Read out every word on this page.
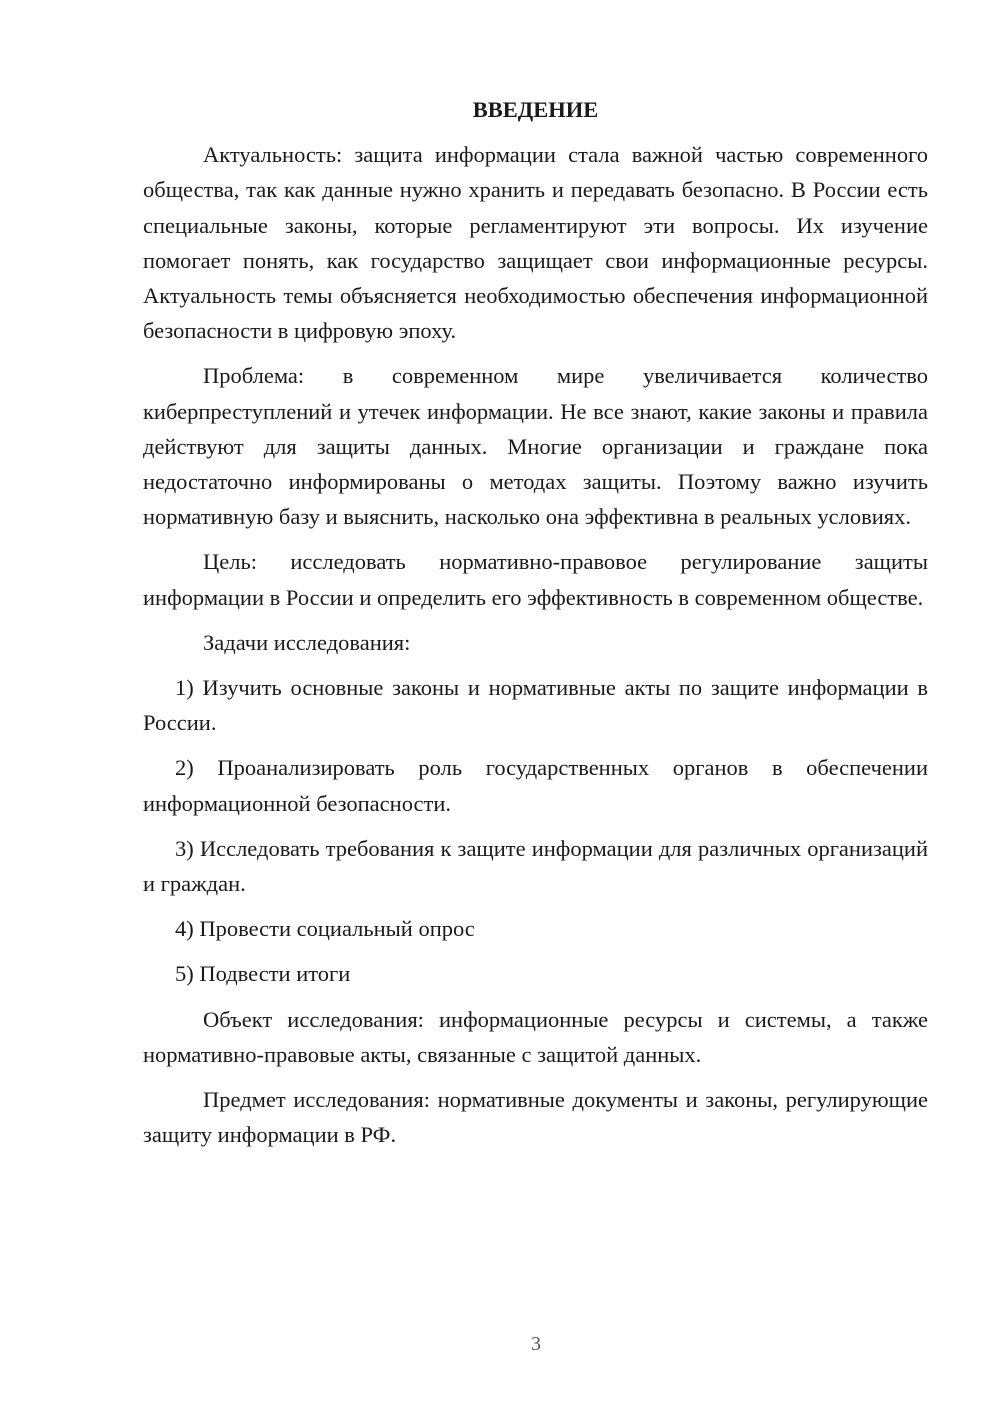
ВВЕДЕНИЕ

Актуальность: защита информации стала важной частью современного общества, так как данные нужно хранить и передавать безопасно. В России есть специальные законы, которые регламентируют эти вопросы. Их изучение помогает понять, как государство защищает свои информационные ресурсы. Актуальность темы объясняется необходимостью обеспечения информационной безопасности в цифровую эпоху.

Проблема: в современном мире увеличивается количество киберпреступлений и утечек информации. Не все знают, какие законы и правила действуют для защиты данных. Многие организации и граждане пока недостаточно информированы о методах защиты. Поэтому важно изучить нормативную базу и выяснить, насколько она эффективна в реальных условиях.

Цель: исследовать нормативно-правовое регулирование защиты информации в России и определить его эффективность в современном обществе.

Задачи исследования:

1) Изучить основные законы и нормативные акты по защите информации в России.

2) Проанализировать роль государственных органов в обеспечении информационной безопасности.

3) Исследовать требования к защите информации для различных организаций и граждан.

4) Провести социальный опрос

5) Подвести итоги

Объект исследования: информационные ресурсы и системы, а также нормативно-правовые акты, связанные с защитой данных.

Предмет исследования: нормативные документы и законы, регулирующие защиту информации в РФ.

3
